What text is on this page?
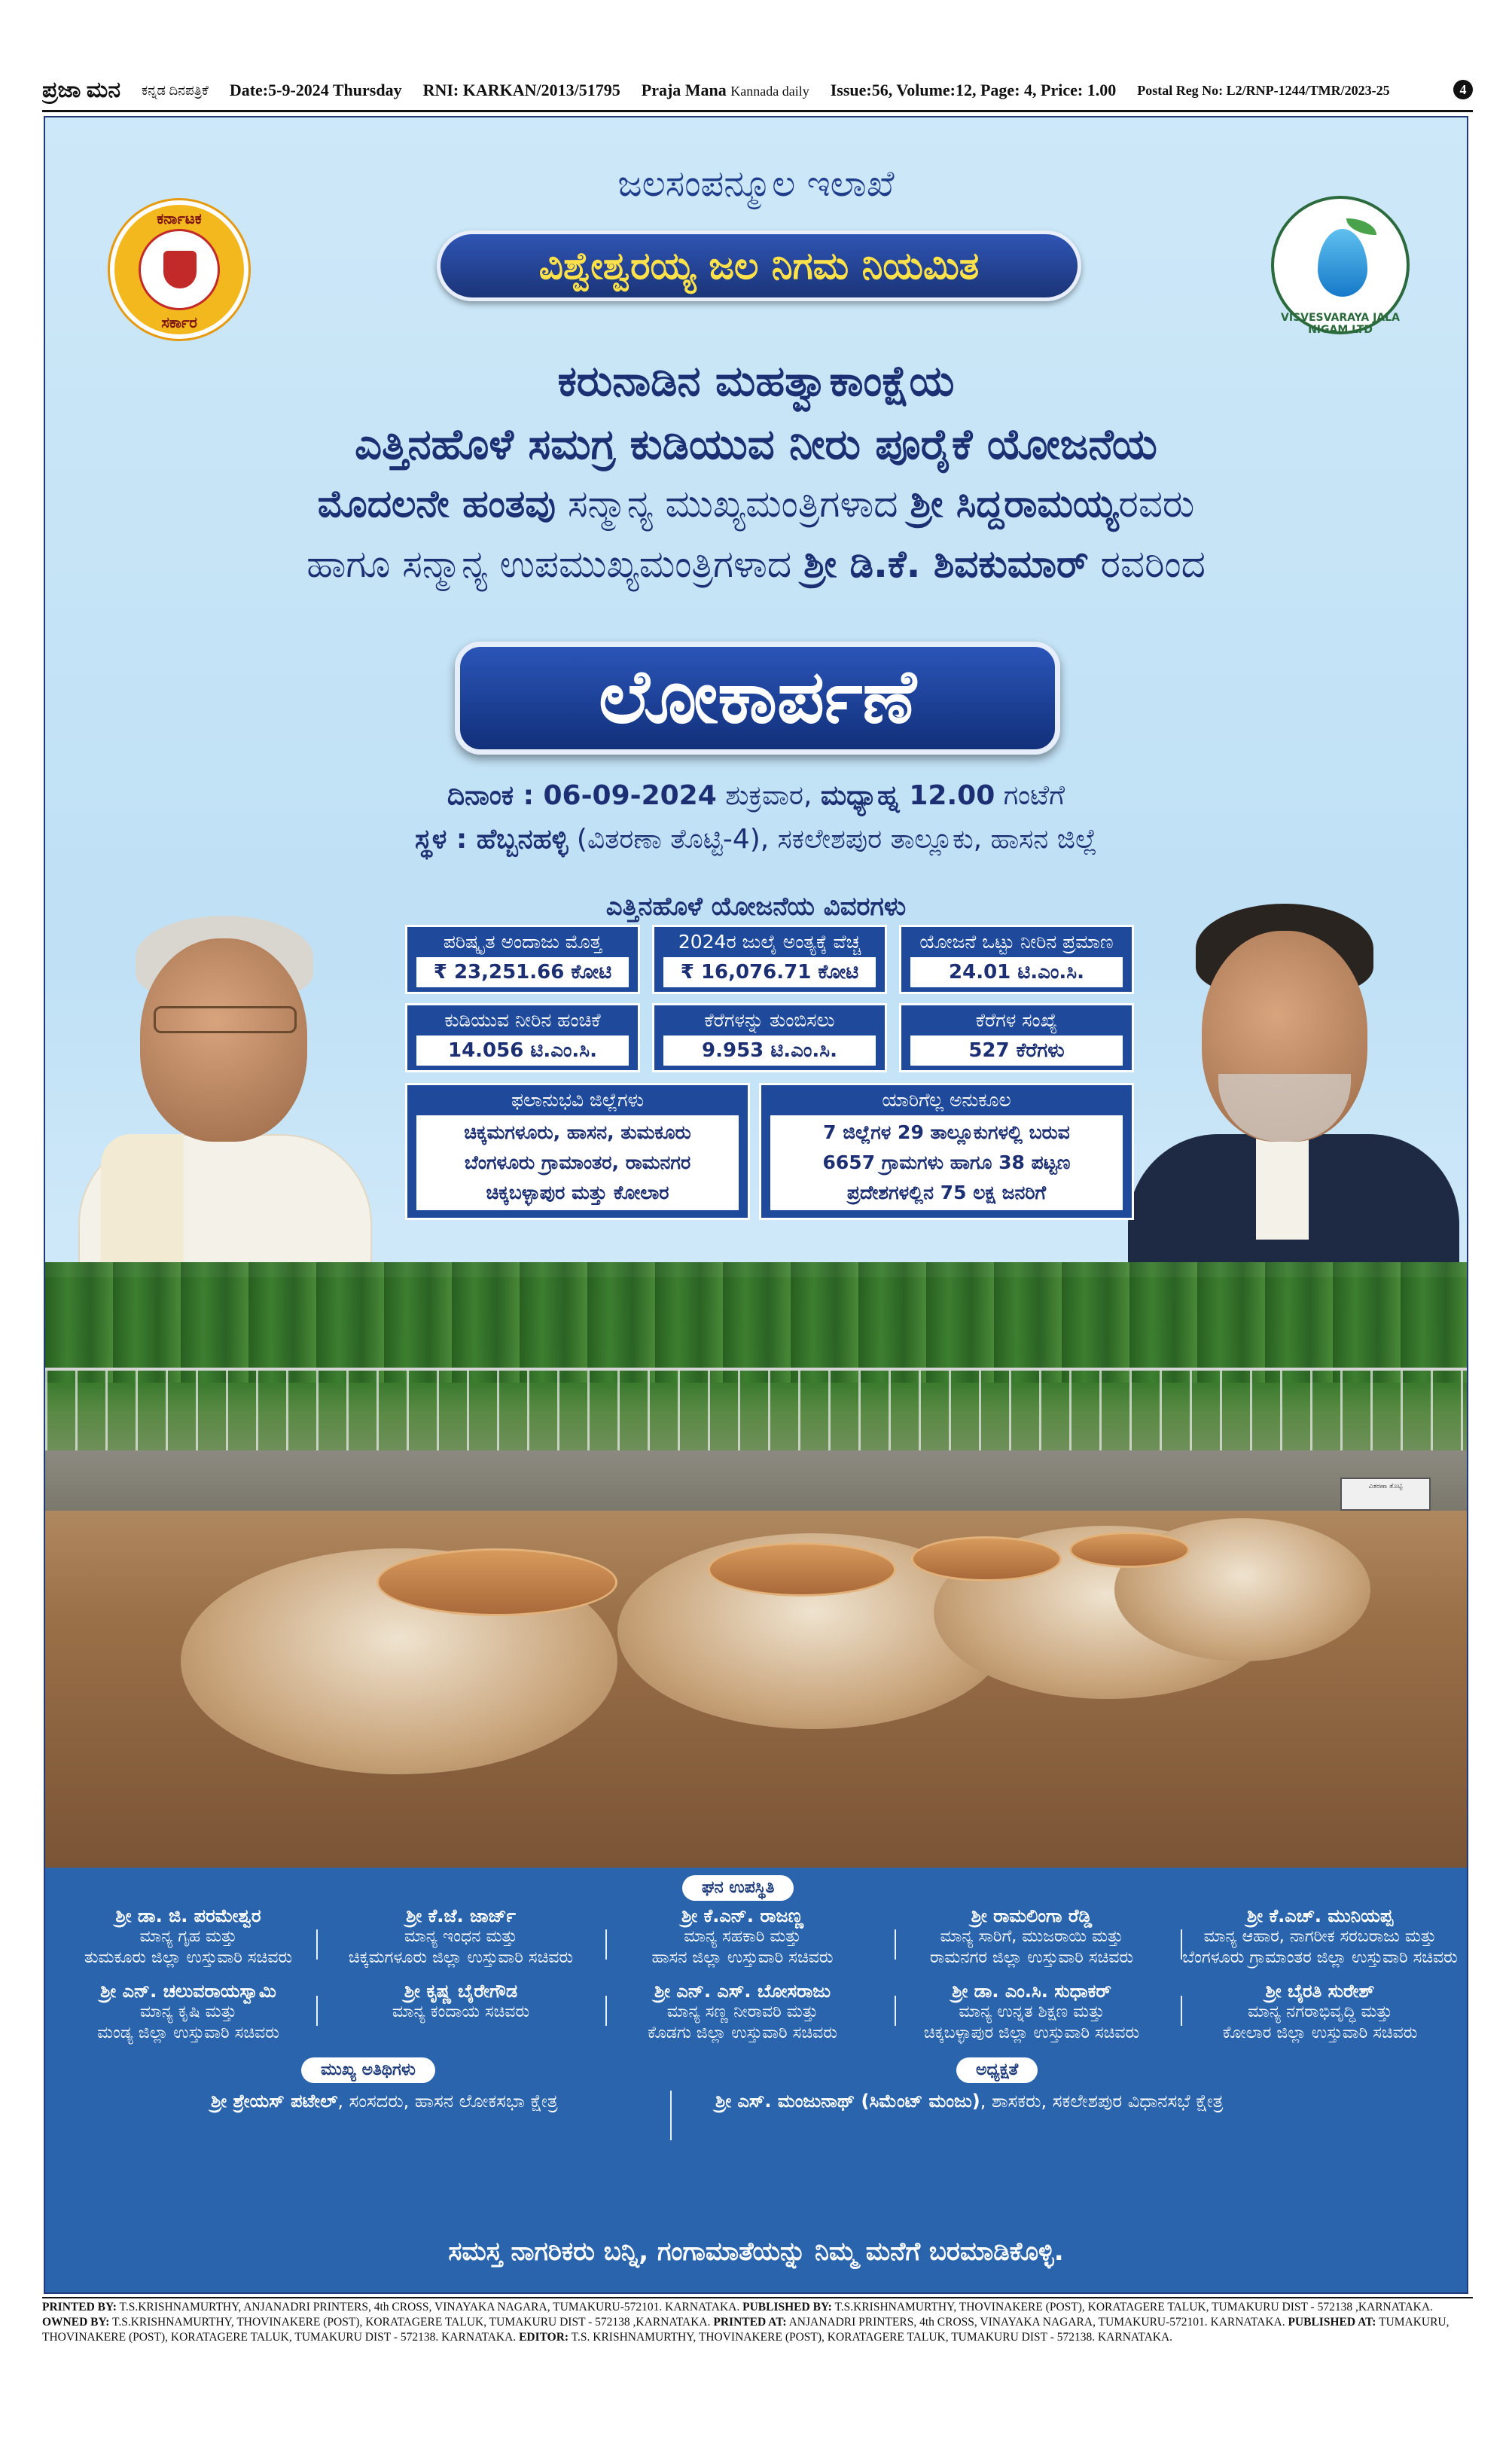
ಪ್ರಜಾ ಮನ ಕನ್ನಡ ದಿನಪತ್ರಿಕೆ Date:5-9-2024 Thursday RNI: KARKAN/2013/51795 Praja Mana Kannada daily Issue:56, Volume:12, Page: 4, Price: 1.00 Postal Reg No: L2/RNP-1244/TMR/2023-25	4
ಕರ್ನಾಟಕ
ಸರ್ಕಾರ
ಜಲಸಂಪನ್ಮೂಲ ಇಲಾಖೆ
ವಿಶ್ವೇಶ್ವರಯ್ಯ ಜಲ ನಿಗಮ ನಿಯಮಿತ
VISVESVARAYA JALA NIGAM LTD
ಕರುನಾಡಿನ ಮಹತ್ವಾಕಾಂಕ್ಷೆಯ
ಎತ್ತಿನಹೊಳೆ ಸಮಗ್ರ ಕುಡಿಯುವ ನೀರು ಪೂರೈಕೆ ಯೋಜನೆಯ
ಮೊದಲನೇ ಹಂತವು ಸನ್ಮಾನ್ಯ ಮುಖ್ಯಮಂತ್ರಿಗಳಾದ ಶ್ರೀ ಸಿದ್ದರಾಮಯ್ಯರವರು
ಹಾಗೂ ಸನ್ಮಾನ್ಯ ಉಪಮುಖ್ಯಮಂತ್ರಿಗಳಾದ ಶ್ರೀ ಡಿ.ಕೆ. ಶಿವಕುಮಾರ್ ರವರಿಂದ
ಲೋಕಾರ್ಪಣೆ
ದಿನಾಂಕ : 06-09-2024 ಶುಕ್ರವಾರ, ಮಧ್ಯಾಹ್ನ 12.00 ಗಂಟೆಗೆ
ಸ್ಥಳ : ಹೆಬ್ಬನಹಳ್ಳಿ (ವಿತರಣಾ ತೊಟ್ಟಿ-4), ಸಕಲೇಶಪುರ ತಾಲ್ಲೂಕು, ಹಾಸನ ಜಿಲ್ಲೆ
ಎತ್ತಿನಹೊಳೆ ಯೋಜನೆಯ ವಿವರಗಳು
ಪರಿಷ್ಕೃತ ಅಂದಾಜು ಮೊತ್ತ
₹ 23,251.66 ಕೋಟಿ
2024ರ ಜುಲೈ ಅಂತ್ಯಕ್ಕೆ ವೆಚ್ಚ
₹ 16,076.71 ಕೋಟಿ
ಯೋಜನೆ ಒಟ್ಟು ನೀರಿನ ಪ್ರಮಾಣ
24.01 ಟಿ.ಎಂ.ಸಿ.
ಕುಡಿಯುವ ನೀರಿನ ಹಂಚಿಕೆ
14.056 ಟಿ.ಎಂ.ಸಿ.
ಕೆರೆಗಳನ್ನು ತುಂಬಿಸಲು
9.953 ಟಿ.ಎಂ.ಸಿ.
ಕೆರೆಗಳ ಸಂಖ್ಯೆ
527 ಕೆರೆಗಳು
ಫಲಾನುಭವಿ ಜಿಲ್ಲೆಗಳು
ಚಿಕ್ಕಮಗಳೂರು, ಹಾಸನ, ತುಮಕೂರು
ಬೆಂಗಳೂರು ಗ್ರಾಮಾಂತರ, ರಾಮನಗರ
ಚಿಕ್ಕಬಳ್ಳಾಪುರ ಮತ್ತು ಕೋಲಾರ
ಯಾರಿಗೆಲ್ಲ ಅನುಕೂಲ
7 ಜಿಲ್ಲೆಗಳ 29 ತಾಲ್ಲೂಕುಗಳಲ್ಲಿ ಬರುವ
6657 ಗ್ರಾಮಗಳು ಹಾಗೂ 38 ಪಟ್ಟಣ
ಪ್ರದೇಶಗಳಲ್ಲಿನ 75 ಲಕ್ಷ ಜನರಿಗೆ
ವಿತರಣಾ ತೊಟ್ಟಿ
ಘನ ಉಪಸ್ಥಿತಿ
ಶ್ರೀ ಡಾ. ಜಿ. ಪರಮೇಶ್ವರ
ಮಾನ್ಯ ಗೃಹ ಮತ್ತು
ತುಮಕೂರು ಜಿಲ್ಲಾ ಉಸ್ತುವಾರಿ ಸಚಿವರು
ಶ್ರೀ ಕೆ.ಜೆ. ಜಾರ್ಜ್
ಮಾನ್ಯ ಇಂಧನ ಮತ್ತು
ಚಿಕ್ಕಮಗಳೂರು ಜಿಲ್ಲಾ ಉಸ್ತುವಾರಿ ಸಚಿವರು
ಶ್ರೀ ಕೆ.ಎನ್. ರಾಜಣ್ಣ
ಮಾನ್ಯ ಸಹಕಾರಿ ಮತ್ತು
ಹಾಸನ ಜಿಲ್ಲಾ ಉಸ್ತುವಾರಿ ಸಚಿವರು
ಶ್ರೀ ರಾಮಲಿಂಗಾ ರೆಡ್ಡಿ
ಮಾನ್ಯ ಸಾರಿಗೆ, ಮುಜರಾಯಿ ಮತ್ತು
ರಾಮನಗರ ಜಿಲ್ಲಾ ಉಸ್ತುವಾರಿ ಸಚಿವರು
ಶ್ರೀ ಕೆ.ಎಚ್. ಮುನಿಯಪ್ಪ
ಮಾನ್ಯ ಆಹಾರ, ನಾಗರೀಕ ಸರಬರಾಜು ಮತ್ತು
ಬೆಂಗಳೂರು ಗ್ರಾಮಾಂತರ ಜಿಲ್ಲಾ ಉಸ್ತುವಾರಿ ಸಚಿವರು
ಶ್ರೀ ಎನ್. ಚಲುವರಾಯಸ್ವಾಮಿ
ಮಾನ್ಯ ಕೃಷಿ ಮತ್ತು
ಮಂಡ್ಯ ಜಿಲ್ಲಾ ಉಸ್ತುವಾರಿ ಸಚಿವರು
ಶ್ರೀ ಕೃಷ್ಣ ಬೈರೇಗೌಡ
ಮಾನ್ಯ ಕಂದಾಯ ಸಚಿವರು
ಶ್ರೀ ಎನ್. ಎಸ್. ಬೋಸರಾಜು
ಮಾನ್ಯ ಸಣ್ಣ ನೀರಾವರಿ ಮತ್ತು
ಕೊಡಗು ಜಿಲ್ಲಾ ಉಸ್ತುವಾರಿ ಸಚಿವರು
ಶ್ರೀ ಡಾ. ಎಂ.ಸಿ. ಸುಧಾಕರ್
ಮಾನ್ಯ ಉನ್ನತ ಶಿಕ್ಷಣ ಮತ್ತು
ಚಿಕ್ಕಬಳ್ಳಾಪುರ ಜಿಲ್ಲಾ ಉಸ್ತುವಾರಿ ಸಚಿವರು
ಶ್ರೀ ಬೈರತಿ ಸುರೇಶ್
ಮಾನ್ಯ ನಗರಾಭಿವೃದ್ಧಿ ಮತ್ತು
ಕೋಲಾರ ಜಿಲ್ಲಾ ಉಸ್ತುವಾರಿ ಸಚಿವರು
ಮುಖ್ಯ ಅತಿಥಿಗಳು
ಶ್ರೀ ಶ್ರೇಯಸ್ ಪಟೇಲ್, ಸಂಸದರು, ಹಾಸನ ಲೋಕಸಭಾ ಕ್ಷೇತ್ರ
ಅಧ್ಯಕ್ಷತೆ
ಶ್ರೀ ಎಸ್. ಮಂಜುನಾಥ್ (ಸಿಮೆಂಟ್ ಮಂಜು), ಶಾಸಕರು, ಸಕಲೇಶಪುರ ವಿಧಾನಸಭೆ ಕ್ಷೇತ್ರ
ಸಮಸ್ತ ನಾಗರಿಕರು ಬನ್ನಿ, ಗಂಗಾಮಾತೆಯನ್ನು ನಿಮ್ಮ ಮನೆಗೆ ಬರಮಾಡಿಕೊಳ್ಳಿ.
PRINTED BY: T.S.KRISHNAMURTHY, ANJANADRI PRINTERS, 4th CROSS, VINAYAKA NAGARA, TUMAKURU-572101. KARNATAKA. PUBLISHED BY: T.S.KRISHNAMURTHY, THOVINAKERE (POST), KORATAGERE TALUK, TUMAKURU DIST - 572138 ,KARNATAKA.
OWNED BY: T.S.KRISHNAMURTHY, THOVINAKERE (POST), KORATAGERE TALUK, TUMAKURU DIST - 572138 ,KARNATAKA. PRINTED AT: ANJANADRI PRINTERS, 4th CROSS, VINAYAKA NAGARA, TUMAKURU-572101. KARNATAKA. PUBLISHED AT: TUMAKURU,
THOVINAKERE (POST), KORATAGERE TALUK, TUMAKURU DIST - 572138. KARNATAKA. EDITOR: T.S. KRISHNAMURTHY, THOVINAKERE (POST), KORATAGERE TALUK, TUMAKURU DIST - 572138. KARNATAKA.
